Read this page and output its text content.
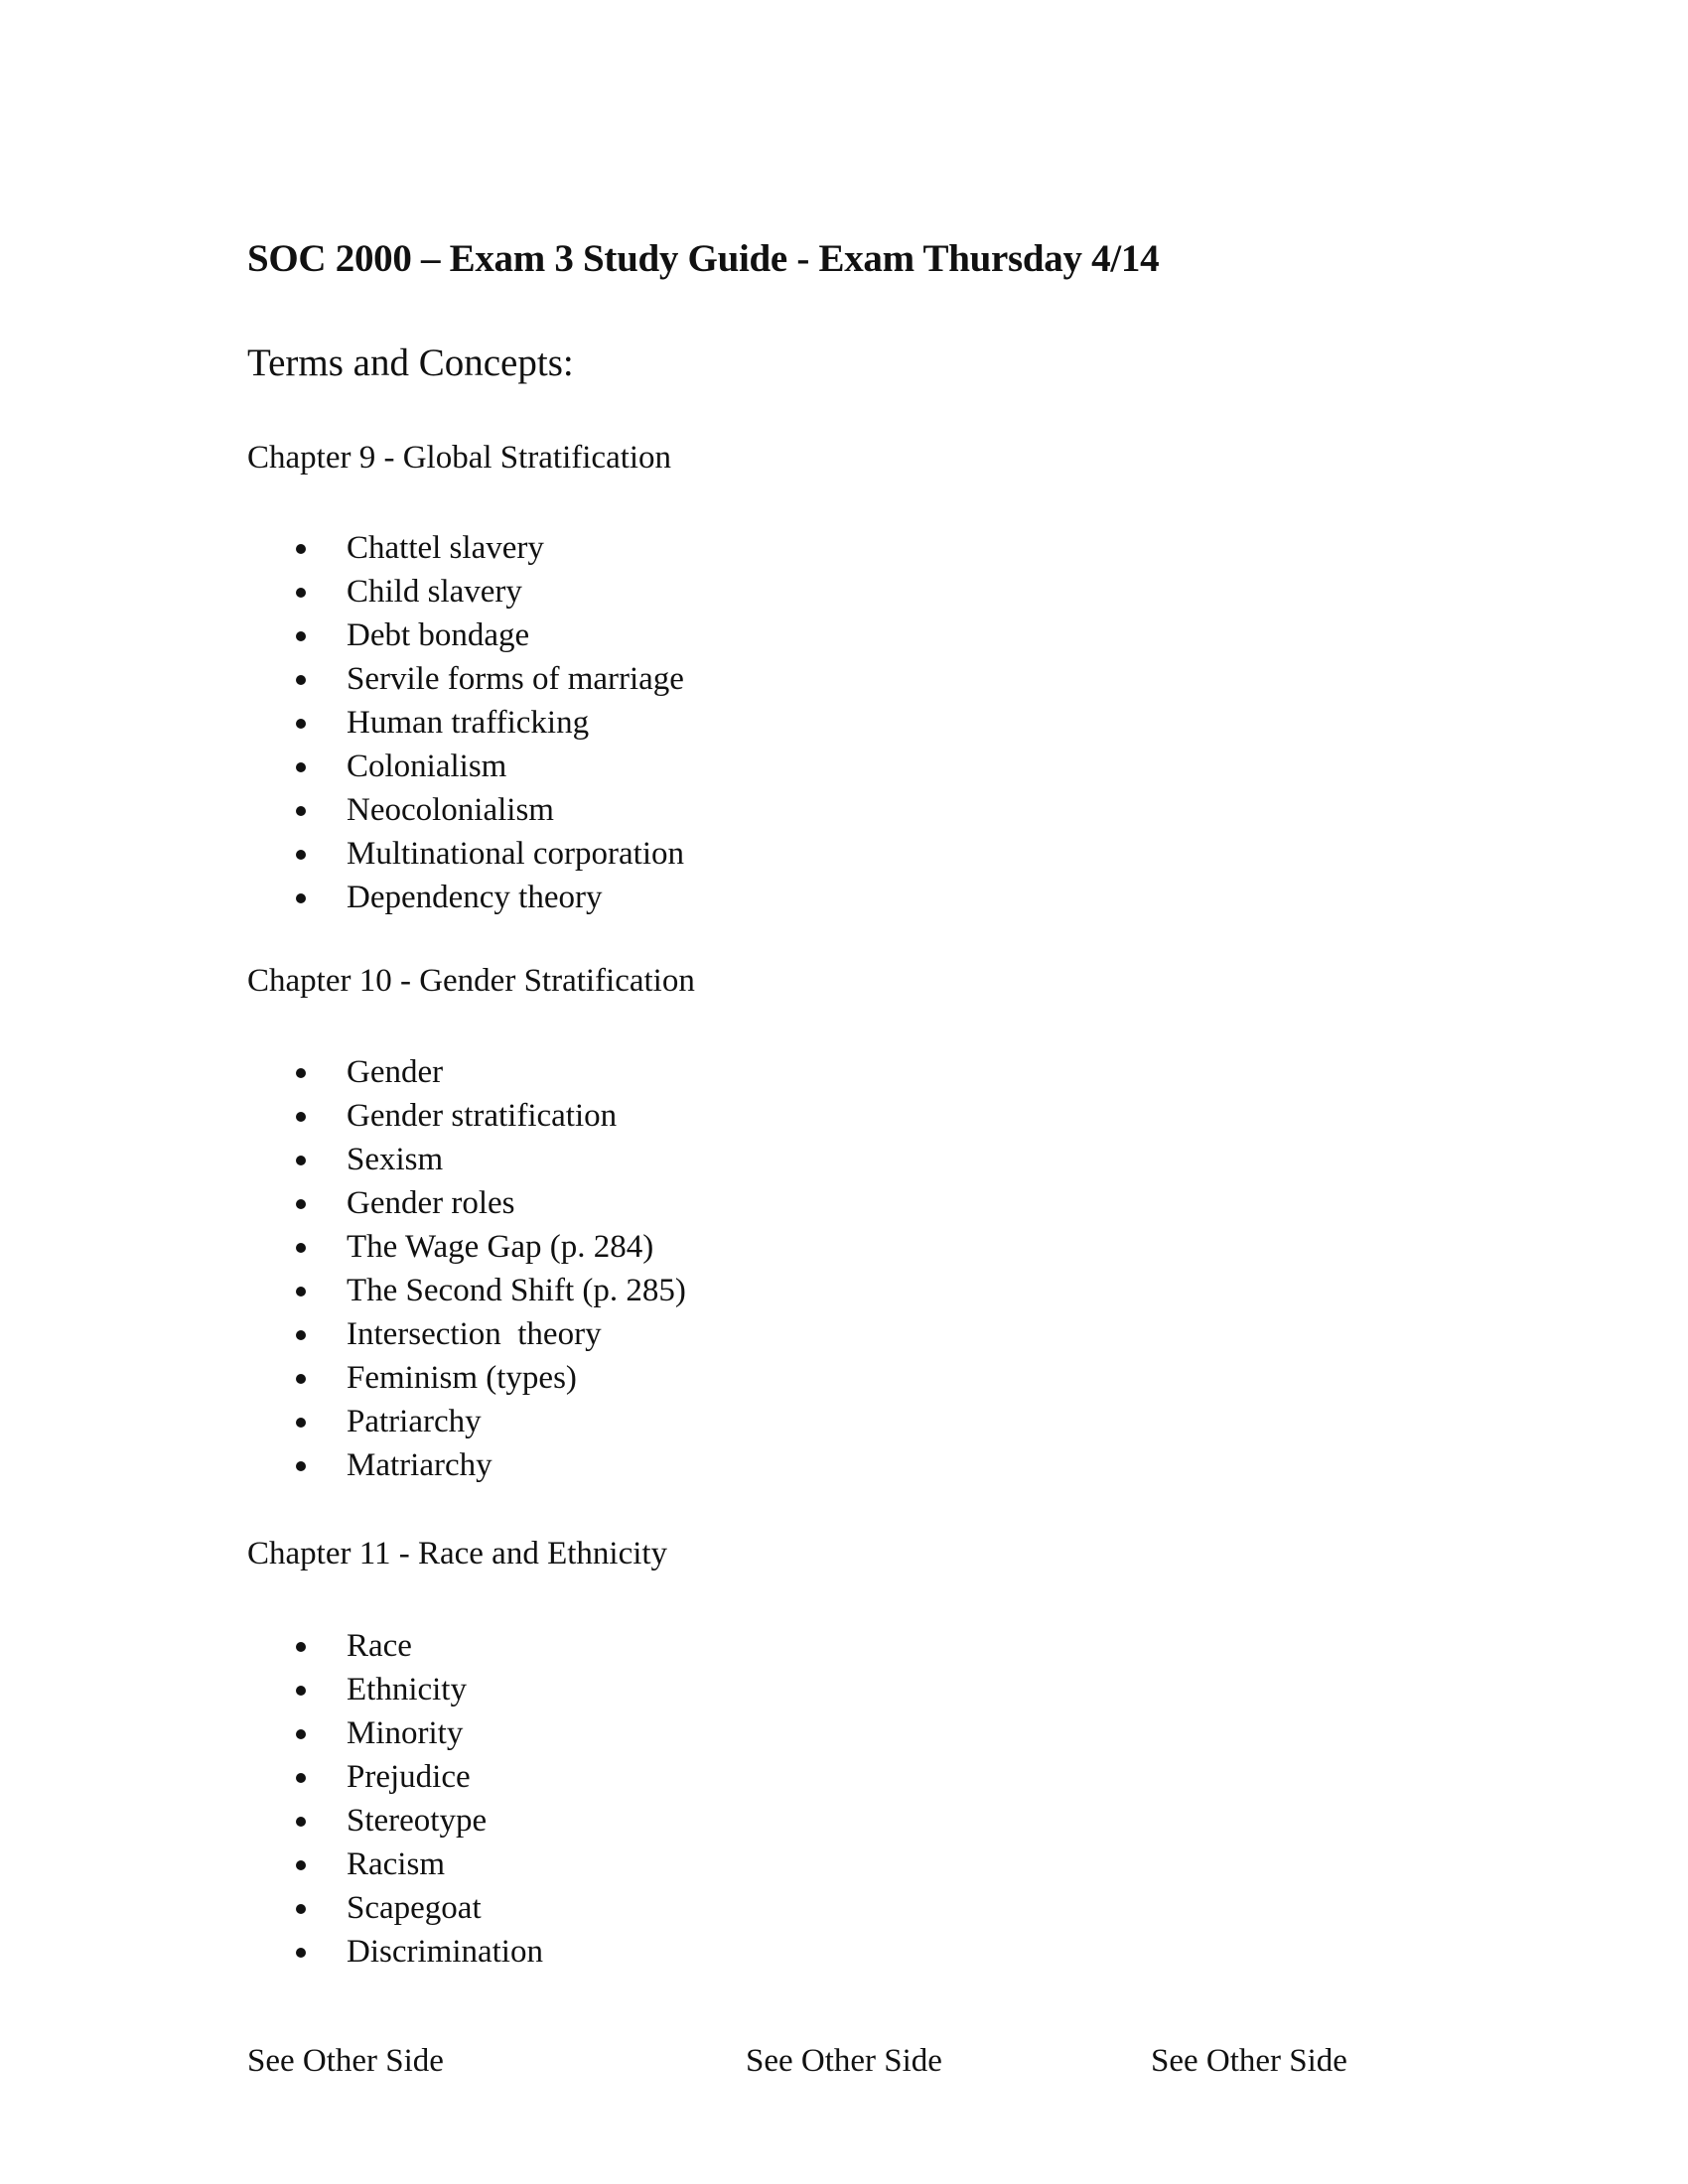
SOC 2000 – Exam 3 Study Guide - Exam Thursday 4/14
Terms and Concepts:
Chapter 9 - Global Stratification
Chattel slavery
Child slavery
Debt bondage
Servile forms of marriage
Human trafficking
Colonialism
Neocolonialism
Multinational corporation
Dependency theory
Chapter 10 - Gender Stratification
Gender
Gender stratification
Sexism
Gender roles
The Wage Gap (p. 284)
The Second Shift (p. 285)
Intersection  theory
Feminism (types)
Patriarchy
Matriarchy
Chapter 11 - Race and Ethnicity
Race
Ethnicity
Minority
Prejudice
Stereotype
Racism
Scapegoat
Discrimination
See Other Side	See Other Side	See Other Side
